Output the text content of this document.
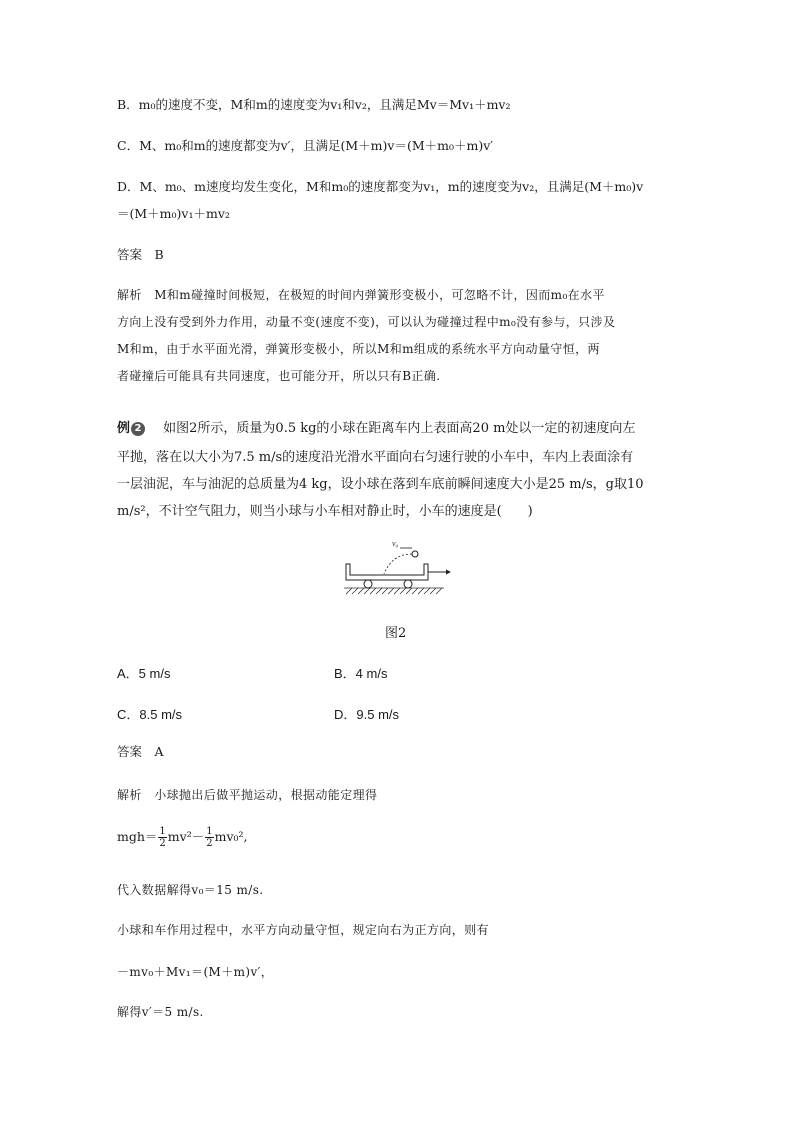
B．m₀的速度不变，M和m的速度变为v₁和v₂，且满足Mv＝Mv₁＋mv₂
C．M、m₀和m的速度都变为v′，且满足(M＋m)v＝(M＋m₀＋m)v′
D．M、m₀、m速度均发生变化，M和m₀的速度都变为v₁，m的速度变为v₂，且满足(M＋m₀)v
＝(M＋m₀)v₁＋mv₂
答案　B
解析　M和m碰撞时间极短，在极短的时间内弹簧形变极小，可忽略不计，因而m₀在水平
方向上没有受到外力作用，动量不变(速度不变)，可以认为碰撞过程中m₀没有参与，只涉及
M和m，由于水平面光滑，弹簧形变极小，所以M和m组成的系统水平方向动量守恒，两
者碰撞后可能具有共同速度，也可能分开，所以只有B正确.
例 2 如图2所示，质量为0.5 kg的小球在距离车内上表面高20 m处以一定的初速度向左
平抛，落在以大小为7.5 m/s的速度沿光滑水平面向右匀速行驶的小车中，车内上表面涂有
一层油泥，车与油泥的总质量为4 kg，设小球在落到车底前瞬间速度大小是25 m/s，g取10
m/s²，不计空气阻力，则当小球与小车相对静止时，小车的速度是(　　)
v₀
图2
A．5 m/s	B．4 m/s
C．8.5 m/s	D．9.5 m/s
答案　A
解析　小球抛出后做平抛运动，根据动能定理得
$mgh= \frac{1}{2} mv^2- \frac{1}{2} mv_0^2$,
代入数据解得v₀＝15 m/s.
小球和车作用过程中，水平方向动量守恒，规定向右为正方向，则有
－mv₀＋Mv₁＝(M＋m)v′，
解得v′＝5 m/s.
